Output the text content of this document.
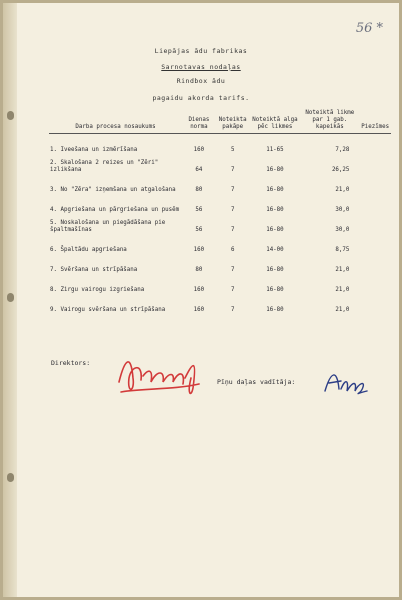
56 *
Liepājas ādu fabrikas
Sarnotavas nodaļas
Rindbox ādu
pagaidu akorda tarifs.
Darba procesa nosaukums	Dienas norma	Noteikta pakāpe	Noteiktā alga pēc likmes	Noteiktā likme par 1 gab. kapeikās	Piezīmes
1. Iveešana un izmērīšana	160	5	11-65	7,28	
2. Skalošana 2 reizes un "Zēri" izlikšana	64	7	16-80	26,25	
3. No "Zēra" izņemšana un atgalošana	80	7	16-80	21,0	
4. Apgriešana un pārgriešana un pusēm	56	7	16-80	30,0	
5. Noskalošana un piegādāšana pie špaltmašīnas	56	7	16-80	30,0	
6. Špaltādu apgriešana	160	6	14-00	8,75	
7. Svēršana un strīpāšana	80	7	16-80	21,0	
8. Zirgu vairogu izgriešana	160	7	16-80	21,0	
9. Vairogu svēršana un strīpāšana	160	7	16-80	21,0	
Direktors:
Pīņu daļas vadītāja:
